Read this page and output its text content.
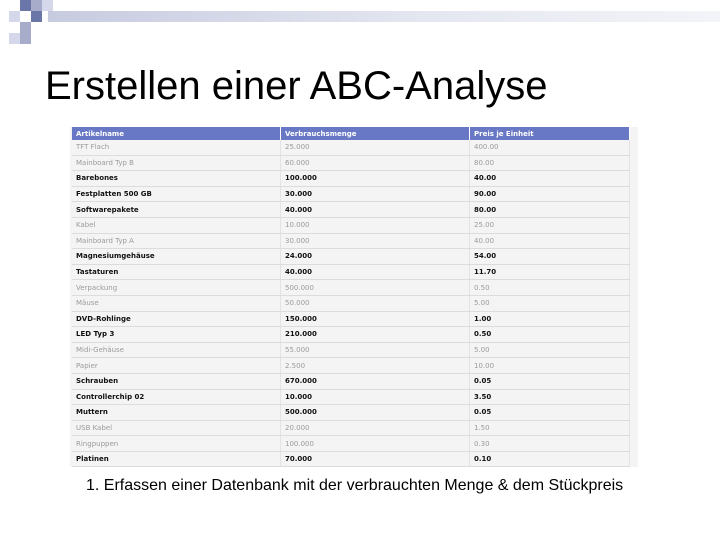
Erstellen einer ABC-Analyse
Artikelname	Verbrauchsmenge	Preis je Einheit
TFT Flach	25.000	400.00
Mainboard Typ B	60.000	80.00
Barebones	100.000	40.00
Festplatten 500 GB	30.000	90.00
Softwarepakete	40.000	80.00
Kabel	10.000	25.00
Mainboard Typ A	30.000	40.00
Magnesiumgehäuse	24.000	54.00
Tastaturen	40.000	11.70
Verpackung	500.000	0.50
Mäuse	50.000	5.00
DVD-Rohlinge	150.000	1.00
LED Typ 3	210.000	0.50
Midi-Gehäuse	55.000	5.00
Papier	2.500	10.00
Schrauben	670.000	0.05
Controllerchip 02	10.000	3.50
Muttern	500.000	0.05
USB Kabel	20.000	1.50
Ringpuppen	100.000	0.30
Platinen	70.000	0.10
1. Erfassen einer Datenbank mit der verbrauchten Menge & dem Stückpreis
